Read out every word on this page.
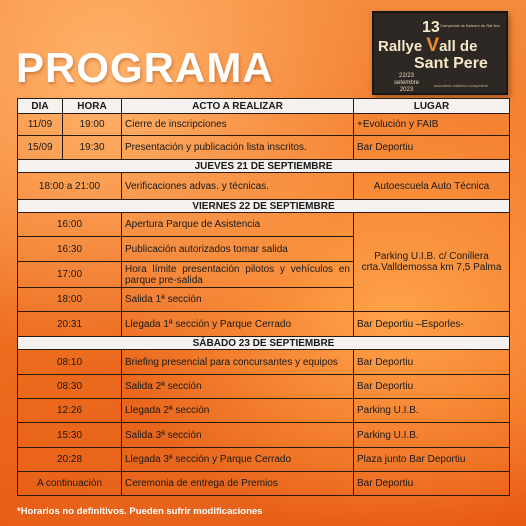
PROGRAMA
13 Campionat de Balears de Ral·lies
Rallye Vall de
Sant Pere
22/23
setembre
2023
escuderia mallorca competició
DIA	HORA	ACTO A REALIZAR	LUGAR
11/09	19:00	Cierre de inscripciones	+Evolución y FAIB
15/09	19:30	Presentación y publicación lista inscritos.	Bar Deportiu
JUEVES 21 DE SEPTIEMBRE			
18:00 a 21:00		Verificaciones advas. y técnicas.	Autoescuela Auto Técnica
VIERNES 22 DE SEPTIEMBRE			
16:00		Apertura Parque de Asistencia	Parking U.I.B. c/ Conillera crta.Valldemossa km 7,5 Palma
16:30		Publicación autorizados tomar salida	
17:00		Hora límite presentación pilotos y vehículos en parque pre-salida	
18:00		Salida 1ª sección	
20:31		Llegada 1ª sección y Parque Cerrado	Bar Deportiu –Esporles-
SÁBADO 23 DE SEPTIEMBRE			
08:10		Briefing presencial para concursantes y equipos	Bar Deportiu
08:30		Salida 2ª sección	Bar Deportiu
12:26		Llegada 2ª sección	Parking U.I.B.
15:30		Salida 3ª sección	Parking U.I.B.
20:28		Llegada 3ª sección y Parque Cerrado	Plaza junto Bar Deportiu
A continuación		Ceremonia de entrega de Premios	Bar Deportiu
*Horarios no definitivos. Pueden sufrir modificaciones
